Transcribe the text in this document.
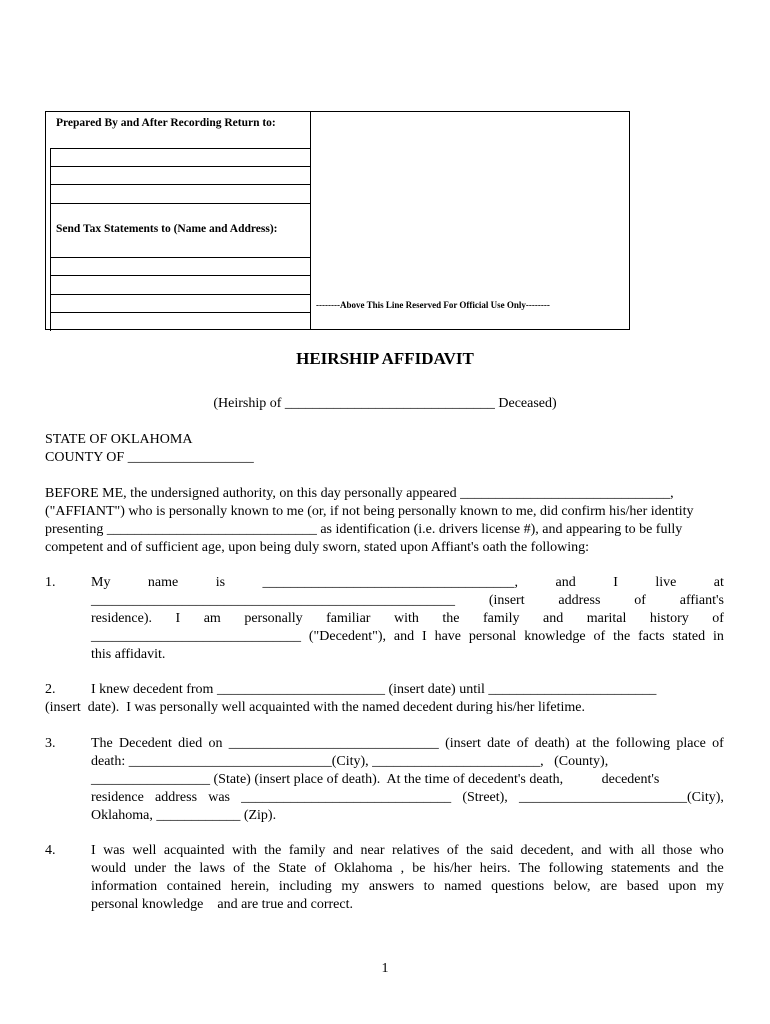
Prepared By and After Recording Return to:
Send Tax Statements to (Name and Address):
--------Above This Line Reserved For Official Use Only--------
HEIRSHIP AFFIDAVIT
(Heirship of ______________________________ Deceased)
STATE OF OKLAHOMA
COUNTY OF __________________
BEFORE ME, the undersigned authority, on this day personally appeared ______________________________,
("AFFIANT") who is personally known to me (or, if not being personally known to me, did confirm his/her identity
presenting ______________________________ as identification (i.e. drivers license #), and appearing to be fully
competent and of sufficient age, upon being duly sworn, stated upon Affiant's oath the following:
1.	My	name	is	____________________________________,	and	I	live	at
____________________________________________________ (insert address of affiant's
residence). I am personally familiar with the family and marital history of
______________________________ ("Decedent"), and I have personal knowledge of the facts stated in
this affidavit.
2.	I knew decedent from ________________________ (insert date) until ________________________
(insert date). I was personally well acquainted with the named decedent during his/her lifetime.
3.	The Decedent died on ______________________________ (insert date of death) at the following place of
death: _____________________________(City), ________________________,   (County),
_________________ (State) (insert place of death).  At the time of decedent's death,           decedent's
residence address was ______________________________ (Street), ________________________(City),
Oklahoma, ____________ (Zip).
4.	I was well acquainted with the family and near relatives of the said decedent, and with all those who
would under the laws of the State of Oklahoma , be his/her heirs. The following statements and the
information contained herein, including my answers to named questions below, are based upon my
personal knowledge    and are true and correct.
1
